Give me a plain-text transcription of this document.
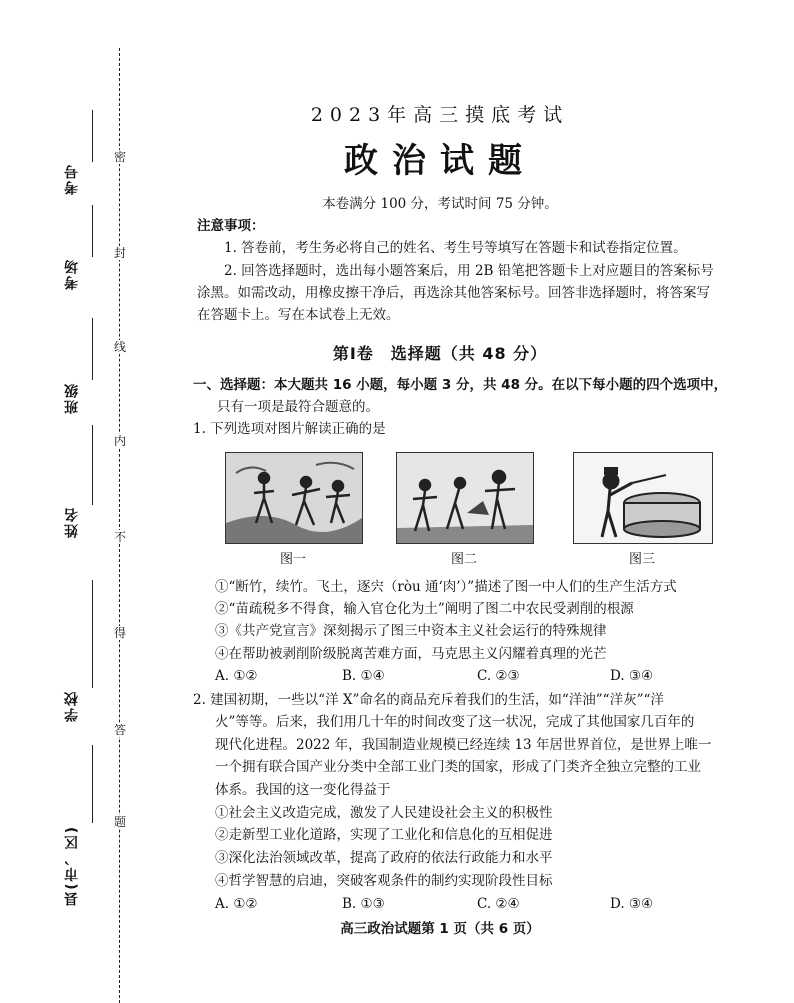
考号
考场
班级
姓名
学校
县(市、区)
密
封
线
内
不
得
答
题
2023年高三摸底考试
政治试题
本卷满分 100 分，考试时间 75 分钟。
注意事项：
1. 答卷前，考生务必将自己的姓名、考生号等填写在答题卡和试卷指定位置。
2. 回答选择题时，选出每小题答案后，用 2B 铅笔把答题卡上对应题目的答案标号
涂黑。如需改动，用橡皮擦干净后，再选涂其他答案标号。回答非选择题时，将答案写
在答题卡上。写在本试卷上无效。
第Ⅰ卷　选择题（共 48 分）
一、选择题：本大题共 16 小题，每小题 3 分，共 48 分。在以下每小题的四个选项中，
只有一项是最符合题意的。
1. 下列选项对图片解读正确的是
图一	图二	图三
①“断竹，续竹。飞土，逐宍（ròu 通‘肉’）”描述了图一中人们的生产生活方式
②“苗疏税多不得食，输入官仓化为土”阐明了图二中农民受剥削的根源
③《共产党宣言》深刻揭示了图三中资本主义社会运行的特殊规律
④在帮助被剥削阶级脱离苦难方面，马克思主义闪耀着真理的光芒
A. ①②	B. ①④	C. ②③	D. ③④
2. 建国初期，一些以“洋 X”命名的商品充斥着我们的生活，如“洋油”“洋灰”“洋
火”等等。后来，我们用几十年的时间改变了这一状况，完成了其他国家几百年的
现代化进程。2022 年，我国制造业规模已经连续 13 年居世界首位，是世界上唯一
一个拥有联合国产业分类中全部工业门类的国家，形成了门类齐全独立完整的工业
体系。我国的这一变化得益于
①社会主义改造完成，激发了人民建设社会主义的积极性
②走新型工业化道路，实现了工业化和信息化的互相促进
③深化法治领域改革，提高了政府的依法行政能力和水平
④哲学智慧的启迪，突破客观条件的制约实现阶段性目标
A. ①②	B. ①③	C. ②④	D. ③④
高三政治试题第 1 页（共 6 页）
